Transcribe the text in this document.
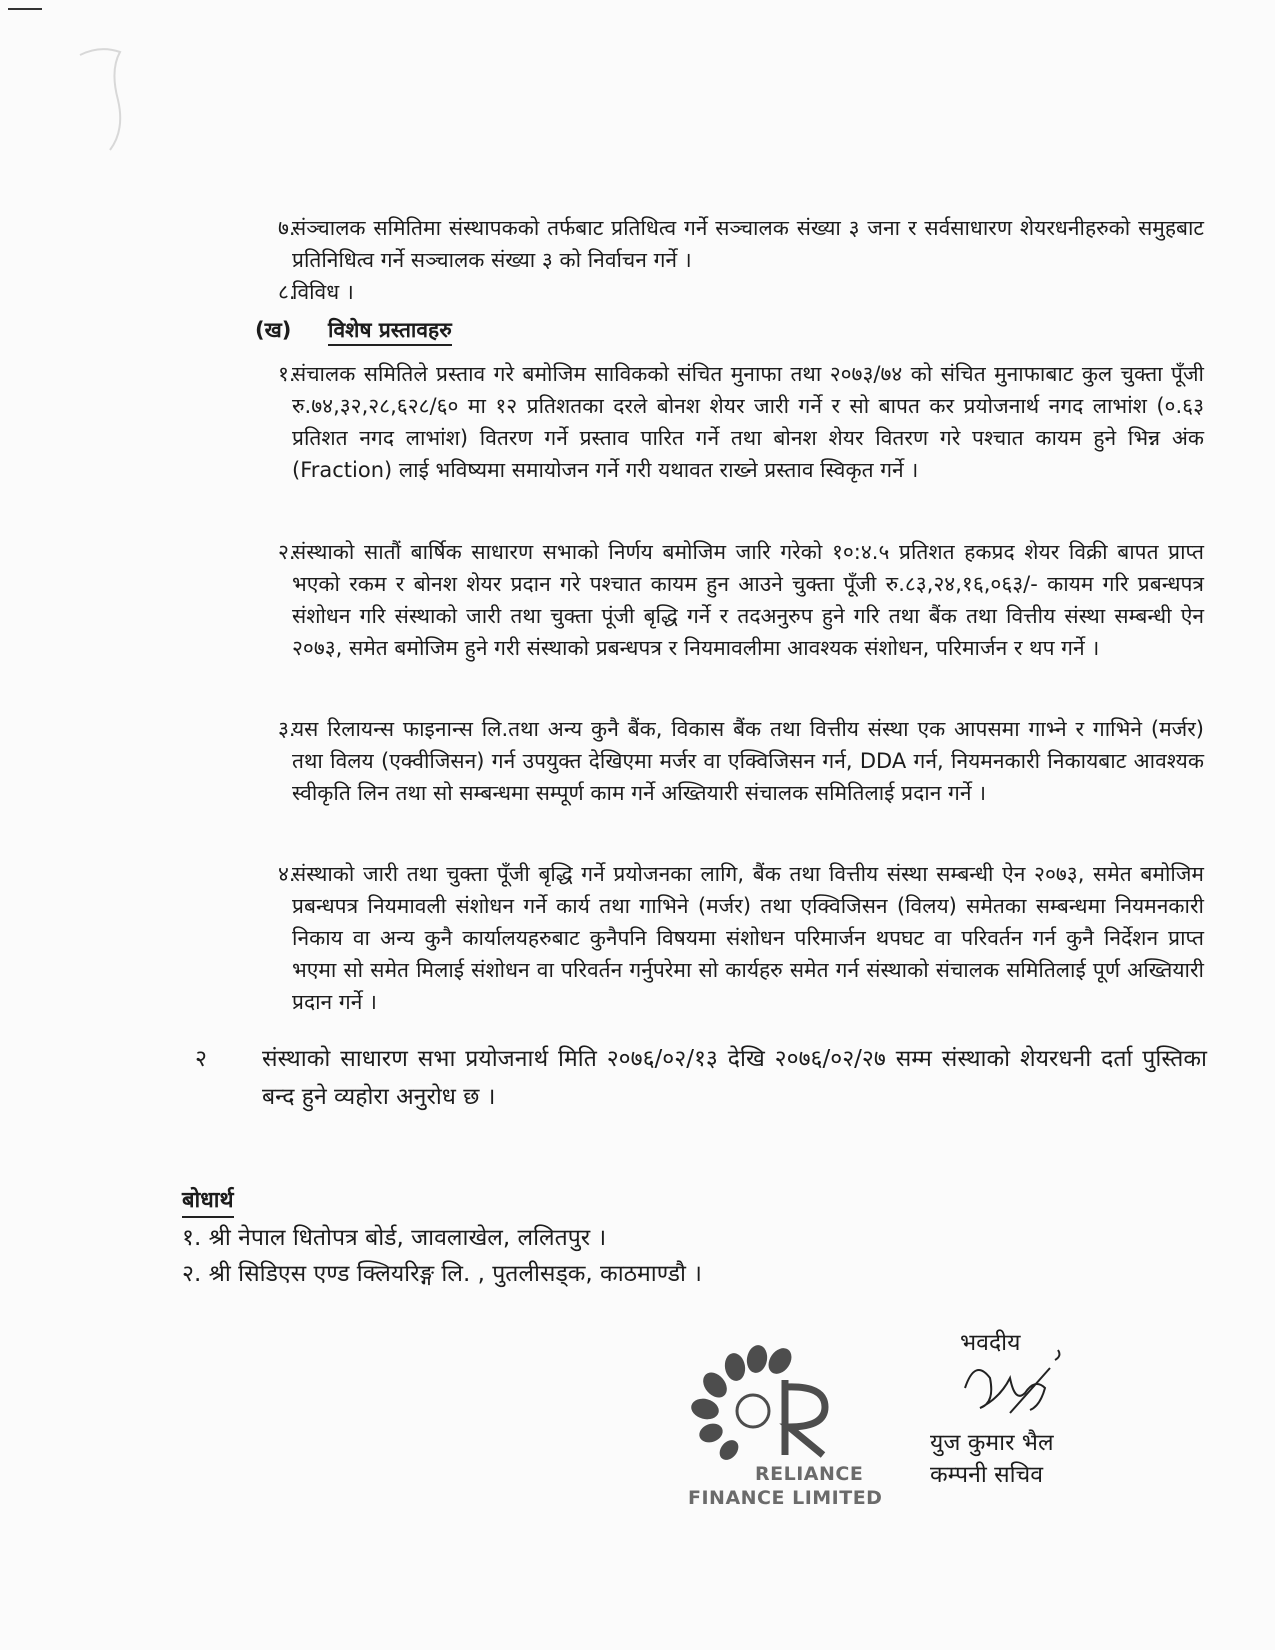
७.
संञ्चालक समितिमा संस्थापकको तर्फबाट प्रतिधित्व गर्ने सञ्चालक संख्या ३ जना र सर्वसाधारण शेयरधनीहरुको समुहबाट प्रतिनिधित्व गर्ने सञ्चालक संख्या ३ को निर्वाचन गर्ने ।
८.
विविध ।
(ख) विशेष प्रस्तावहरु
१.
संचालक समितिले प्रस्ताव गरे बमोजिम साविकको संचित मुनाफा तथा २०७३/७४ को संचित मुनाफाबाट कुल चुक्ता पूँजी रु.७४,३२,२८,६२८/६० मा १२ प्रतिशतका दरले बोनश शेयर जारी गर्ने र सो बापत कर प्रयोजनार्थ नगद लाभांश (०.६३ प्रतिशत नगद लाभांश) वितरण गर्ने प्रस्ताव पारित गर्ने तथा बोनश शेयर वितरण गरे पश्चात कायम हुने भिन्न अंक (Fraction) लाई भविष्यमा समायोजन गर्ने गरी यथावत राख्ने प्रस्ताव स्विकृत गर्ने ।
२.
संस्थाको सातौं बार्षिक साधारण सभाको निर्णय बमोजिम जारि गरेको १०:४.५ प्रतिशत हकप्रद शेयर विक्री बापत प्राप्त भएको रकम र बोनश शेयर प्रदान गरे पश्चात कायम हुन आउने चुक्ता पूँजी रु.८३,२४,१६,०६३/- कायम गरि प्रबन्धपत्र संशोधन गरि संस्थाको जारी तथा चुक्ता पूंजी बृद्धि गर्ने र तदअनुरुप हुने गरि तथा बैंक तथा वित्तीय संस्था सम्बन्धी ऐन २०७३, समेत बमोजिम हुने गरी संस्थाको प्रबन्धपत्र र नियमावलीमा आवश्यक संशोधन, परिमार्जन र थप गर्ने ।
३.
यस रिलायन्स फाइनान्स लि.तथा अन्य कुनै बैंक, विकास बैंक तथा वित्तीय संस्था एक आपसमा गाभ्ने र गाभिने (मर्जर) तथा विलय (एक्वीजिसन) गर्न उपयुक्त देखिएमा मर्जर वा एक्विजिसन गर्न, DDA गर्न, नियमनकारी निकायबाट आवश्यक स्वीकृति लिन तथा सो सम्बन्धमा सम्पूर्ण काम गर्ने अख्तियारी संचालक समितिलाई प्रदान गर्ने ।
४.
संस्थाको जारी तथा चुक्ता पूँजी बृद्धि गर्ने प्रयोजनका लागि, बैंक तथा वित्तीय संस्था सम्बन्धी ऐन २०७३, समेत बमोजिम प्रबन्धपत्र नियमावली संशोधन गर्ने कार्य तथा गाभिने (मर्जर) तथा एक्विजिसन (विलय) समेतका सम्बन्धमा नियमनकारी निकाय वा अन्य कुनै कार्यालयहरुबाट कुनैपनि विषयमा संशोधन परिमार्जन थपघट वा परिवर्तन गर्न कुनै निर्देशन प्राप्त भएमा सो समेत मिलाई संशोधन वा परिवर्तन गर्नुपरेमा सो कार्यहरु समेत गर्न संस्थाको संचालक समितिलाई पूर्ण अख्तियारी प्रदान गर्ने ।
२ संस्थाको साधारण सभा प्रयोजनार्थ मिति २०७६/०२/१३ देखि २०७६/०२/२७ सम्म संस्थाको शेयरधनी दर्ता पुस्तिका बन्द हुने व्यहोरा अनुरोध छ ।
बोधार्थ
१. श्री नेपाल धितोपत्र बोर्ड, जावलाखेल, ललितपुर ।
२. श्री सिडिएस एण्ड क्लियरिङ्ग लि. , पुतलीसड्क, काठमाण्डौ ।
RELIANCE
FINANCE LIMITED
भवदीय
युज कुमार भैल
कम्पनी सचिव
